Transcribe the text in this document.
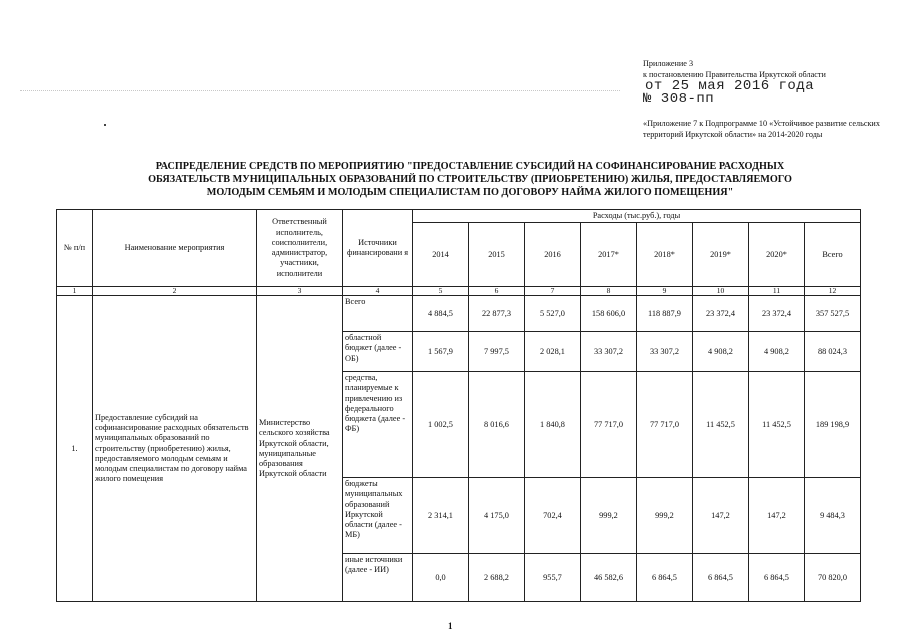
Приложение 3
к постановлению Правительства Иркутской области
от 25 мая 2016 года
№ 308-пп
«Приложение 7 к Подпрограмме 10 «Устойчивое развитие сельских территорий Иркутской области» на 2014-2020 годы
РАСПРЕДЕЛЕНИЕ СРЕДСТВ ПО МЕРОПРИЯТИЮ "ПРЕДОСТАВЛЕНИЕ СУБСИДИЙ НА СОФИНАНСИРОВАНИЕ РАСХОДНЫХ ОБЯЗАТЕЛЬСТВ МУНИЦИПАЛЬНЫХ ОБРАЗОВАНИЙ ПО СТРОИТЕЛЬСТВУ (ПРИОБРЕТЕНИЮ) ЖИЛЬЯ, ПРЕДОСТАВЛЯЕМОГО МОЛОДЫМ СЕМЬЯМ И МОЛОДЫМ СПЕЦИАЛИСТАМ ПО ДОГОВОРУ НАЙМА ЖИЛОГО ПОМЕЩЕНИЯ"
№ п/п	Наименование мероприятия	Ответственный исполнитель, соисполнители, администратор, участники, исполнители	Источники финансировани я	Расходы (тыс.руб.), годы							
				2014	2015	2016	2017*	2018*	2019*	2020*	Всего
1	2	3	4	5	6	7	8	9	10	11	12
1.	Предоставление субсидий на софинансирование расходных обязательств муниципальных образований по строительству (приобретению) жилья, предоставляемого молодым семьям и молодым специалистам по договору найма жилого помещения	Министерство сельского хозяйства Иркутской области, муниципальные образования Иркутской области	Всего	4 884,5	22 877,3	5 527,0	158 606,0	118 887,9	23 372,4	23 372,4	357 527,5
			областной бюджет (далее - ОБ)	1 567,9	7 997,5	2 028,1	33 307,2	33 307,2	4 908,2	4 908,2	88 024,3
			средства, планируемые к привлечению из федерального бюджета (далее - ФБ)	1 002,5	8 016,6	1 840,8	77 717,0	77 717,0	11 452,5	11 452,5	189 198,9
			бюджеты муниципальных образований Иркутской области (далее - МБ)	2 314,1	4 175,0	702,4	999,2	999,2	147,2	147,2	9 484,3
			иные источники (далее - ИИ)	0,0	2 688,2	955,7	46 582,6	6 864,5	6 864,5	6 864,5	70 820,0
1
